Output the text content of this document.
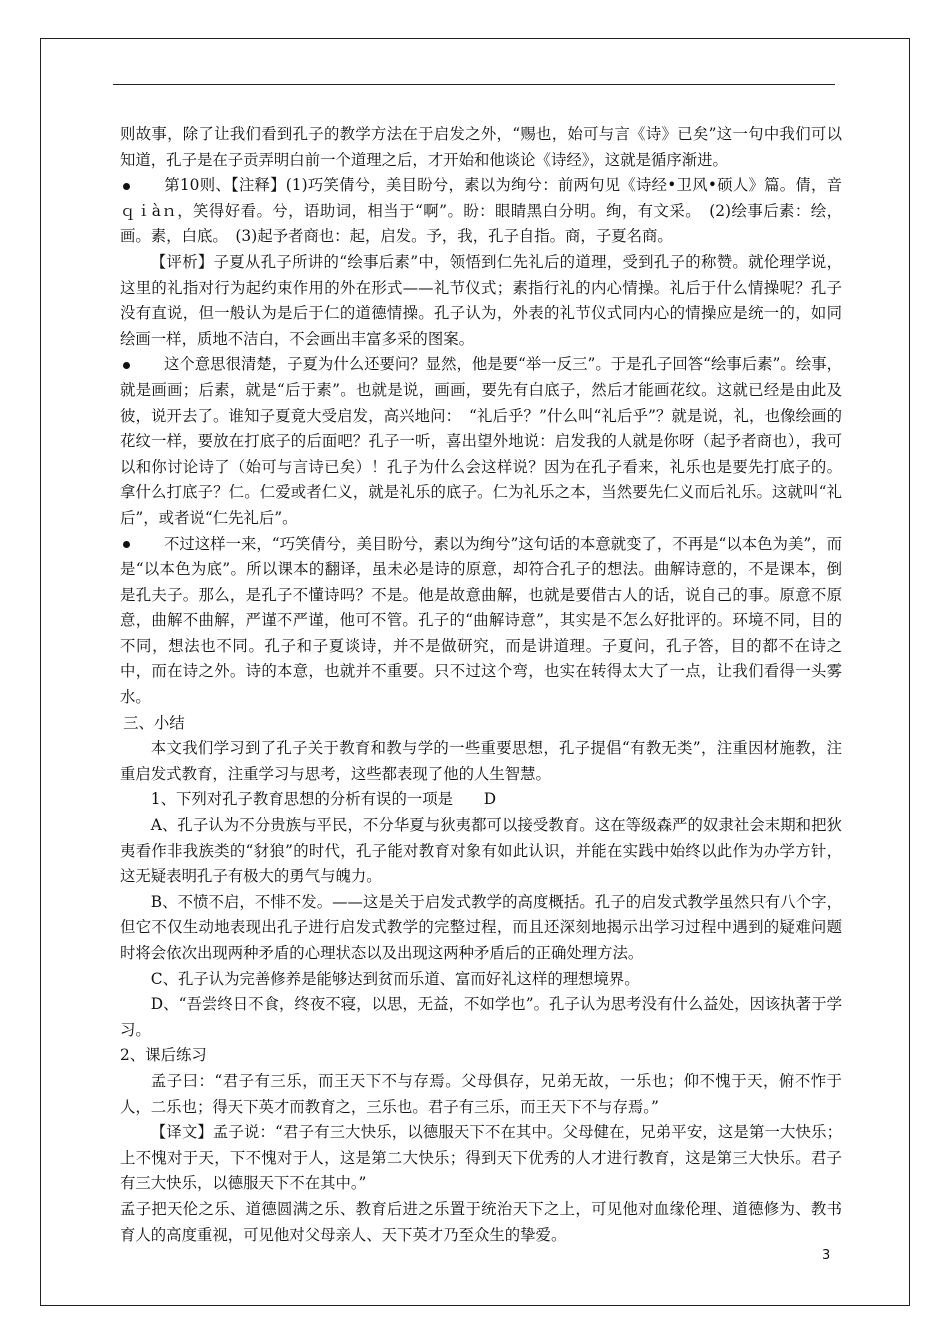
则故事，除了让我们看到孔子的教学方法在于启发之外，“赐也，始可与言《诗》已矣”这一句中我们可以知道，孔子是在子贡弄明白前一个道理之后，才开始和他谈论《诗经》，这就是循序渐进。

第10则、【注释】(1)巧笑倩兮，美目盼兮，素以为绚兮：前两句见《诗经•卫风•硕人》篇。倩，音　ｑｉàｎ，笑得好看。兮，语助词，相当于“啊”。盼：眼睛黑白分明。绚，有文采。　(2)绘事后素：绘，画。素，白底。　(3)起予者商也：起，启发。予，我，孔子自指。商，子夏名商。

【评析】子夏从孔子所讲的“绘事后素”中，领悟到仁先礼后的道理，受到孔子的称赞。就伦理学说，这里的礼指对行为起约束作用的外在形式——礼节仪式；素指行礼的内心情操。礼后于什么情操呢？孔子没有直说，但一般认为是后于仁的道德情操。孔子认为，外表的礼节仪式同内心的情操应是统一的，如同绘画一样，质地不洁白，不会画出丰富多采的图案。

这个意思很清楚，子夏为什么还要问？显然，他是要“举一反三”。于是孔子回答“绘事后素”。绘事，就是画画；后素，就是“后于素”。也就是说，画画，要先有白底子，然后才能画花纹。这就已经是由此及彼，说开去了。谁知子夏竟大受启发，高兴地问：　“礼后乎？”什么叫“礼后乎”？就是说，礼，也像绘画的花纹一样，要放在打底子的后面吧？孔子一听，喜出望外地说：启发我的人就是你呀（起予者商也），我可以和你讨论诗了（始可与言诗已矣）！孔子为什么会这样说？因为在孔子看来，礼乐也是要先打底子的。拿什么打底子？仁。仁爱或者仁义，就是礼乐的底子。仁为礼乐之本，当然要先仁义而后礼乐。这就叫“礼后”，或者说“仁先礼后”。

不过这样一来，“巧笑倩兮，美目盼兮，素以为绚兮”这句话的本意就变了，不再是“以本色为美”，而是“以本色为底”。所以课本的翻译，虽未必是诗的原意，却符合孔子的想法。曲解诗意的，不是课本，倒是孔夫子。那么，是孔子不懂诗吗？不是。他是故意曲解，也就是要借古人的话，说自己的事。原意不原意，曲解不曲解，严谨不严谨，他可不管。孔子的“曲解诗意”，其实是不怎么好批评的。环境不同，目的不同，想法也不同。孔子和子夏谈诗，并不是做研究，而是讲道理。子夏问，孔子答，目的都不在诗之中，而在诗之外。诗的本意，也就并不重要。只不过这个弯，也实在转得太大了一点，让我们看得一头雾水。

三、小结

本文我们学习到了孔子关于教育和教与学的一些重要思想，孔子提倡“有教无类”，注重因材施教，注重启发式教育，注重学习与思考，这些都表现了他的人生智慧。

1、下列对孔子教育思想的分析有误的一项是　　D

A、孔子认为不分贵族与平民，不分华夏与狄夷都可以接受教育。这在等级森严的奴隶社会末期和把狄夷看作非我族类的“豺狼”的时代，孔子能对教育对象有如此认识，并能在实践中始终以此作为办学方针，这无疑表明孔子有极大的勇气与魄力。

B、不愤不启，不悱不发。——这是关于启发式教学的高度概括。孔子的启发式教学虽然只有八个字，但它不仅生动地表现出孔子进行启发式教学的完整过程，而且还深刻地揭示出学习过程中遇到的疑难问题时将会依次出现两种矛盾的心理状态以及出现这两种矛盾后的正确处理方法。

C、孔子认为完善修养是能够达到贫而乐道、富而好礼这样的理想境界。

D、“吾尝终日不食，终夜不寝，以思，无益，不如学也”。孔子认为思考没有什么益处，因该执著于学习。

2、课后练习

孟子曰：“君子有三乐，而王天下不与存焉。父母俱存，兄弟无故，一乐也；仰不愧于天，俯不怍于人，二乐也；得天下英才而教育之，三乐也。君子有三乐，而王天下不与存焉。”

【译文】孟子说：“君子有三大快乐，以德服天下不在其中。父母健在，兄弟平安，这是第一大快乐；上不愧对于天，下不愧对于人，这是第二大快乐；得到天下优秀的人才进行教育，这是第三大快乐。君子有三大快乐，以德服天下不在其中。”

孟子把天伦之乐、道德圆满之乐、教育后进之乐置于统治天下之上，可见他对血缘伦理、道德修为、教书育人的高度重视，可见他对父母亲人、天下英才乃至众生的挚爱。

3
